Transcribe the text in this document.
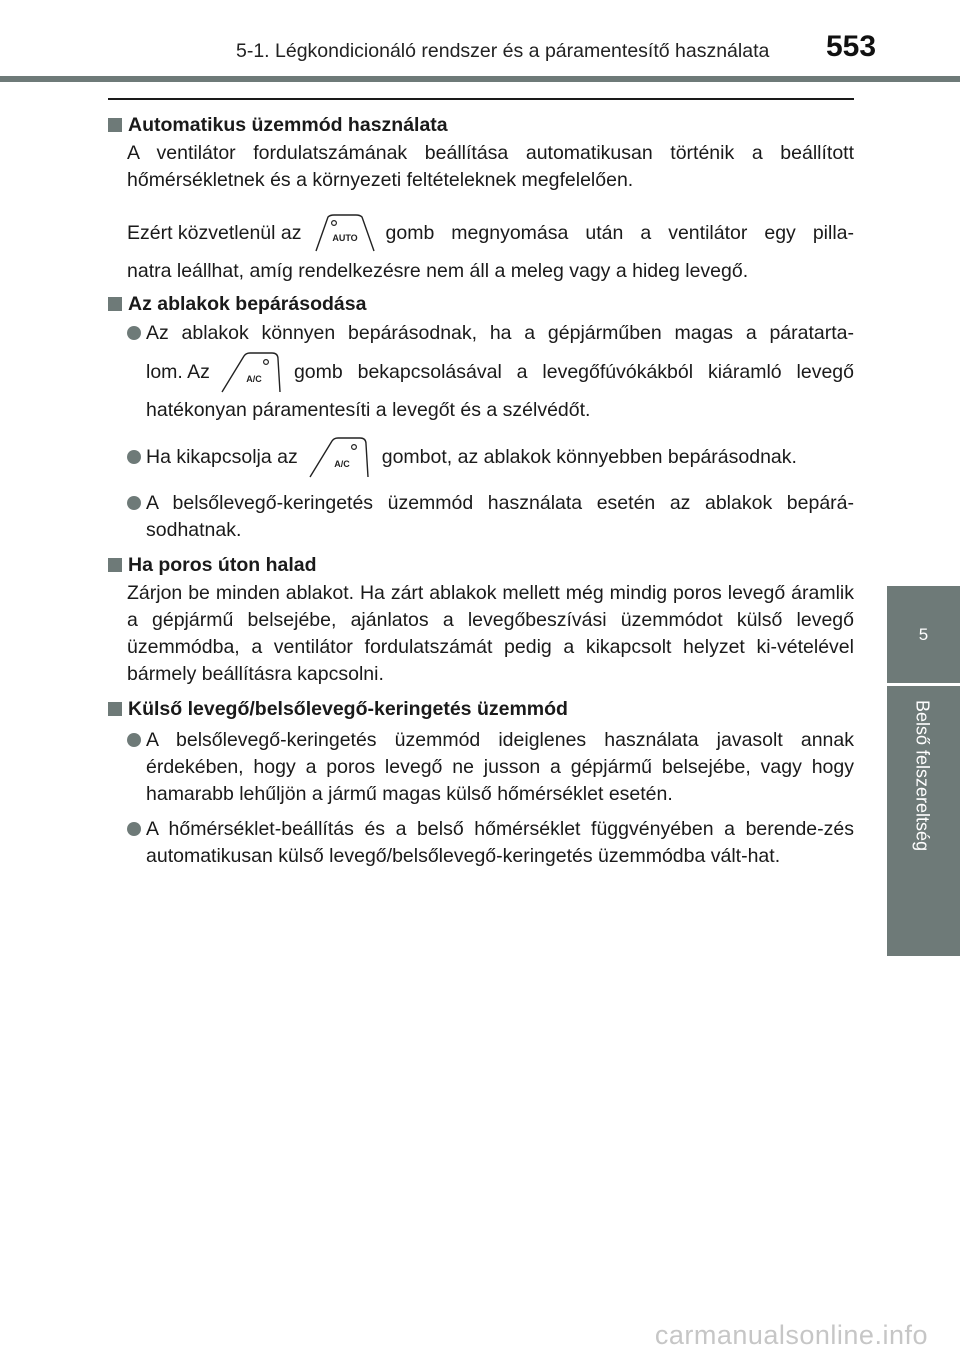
5-1. Légkondicionáló rendszer és a páramentesítő használata 553
5
Belső felszereltség
Automatikus üzemmód használata
A ventilátor fordulatszámának beállítása automatikusan történik a beállított hőmérsékletnek és a környezeti feltételeknek megfelelően.
Ezért közvetlenül az	AUTO gomb megnyomása után a ventilátor egy pilla-
natra leállhat, amíg rendelkezésre nem áll a meleg vagy a hideg levegő.
Az ablakok bepárásodása
Az ablakok könnyen bepárásodnak, ha a gépjárműben magas a páratarta-
lom. Az	A/C gomb bekapcsolásával a levegőfúvókákból kiáramló levegő
hatékonyan páramentesíti a levegőt és a szélvédőt.
Ha kikapcsolja az	A/C gombot, az ablakok könnyebben bepárásodnak.
A belsőlevegő-keringetés üzemmód használata esetén az ablakok bepárá-sodhatnak.
Ha poros úton halad
Zárjon be minden ablakot. Ha zárt ablakok mellett még mindig poros levegő áramlik a gépjármű belsejébe, ajánlatos a levegőbeszívási üzemmódot külső levegő üzemmódba, a ventilátor fordulatszámát pedig a kikapcsolt helyzet ki-vételével bármely beállításra kapcsolni.
Külső levegő/belsőlevegő-keringetés üzemmód
A belsőlevegő-keringetés üzemmód ideiglenes használata javasolt annak érdekében, hogy a poros levegő ne jusson a gépjármű belsejébe, vagy hogy hamarabb lehűljön a jármű magas külső hőmérséklet esetén.
A hőmérséklet-beállítás és a belső hőmérséklet függvényében a berende-zés automatikusan külső levegő/belsőlevegő-keringetés üzemmódba vált-hat.
carmanualsonline.info
